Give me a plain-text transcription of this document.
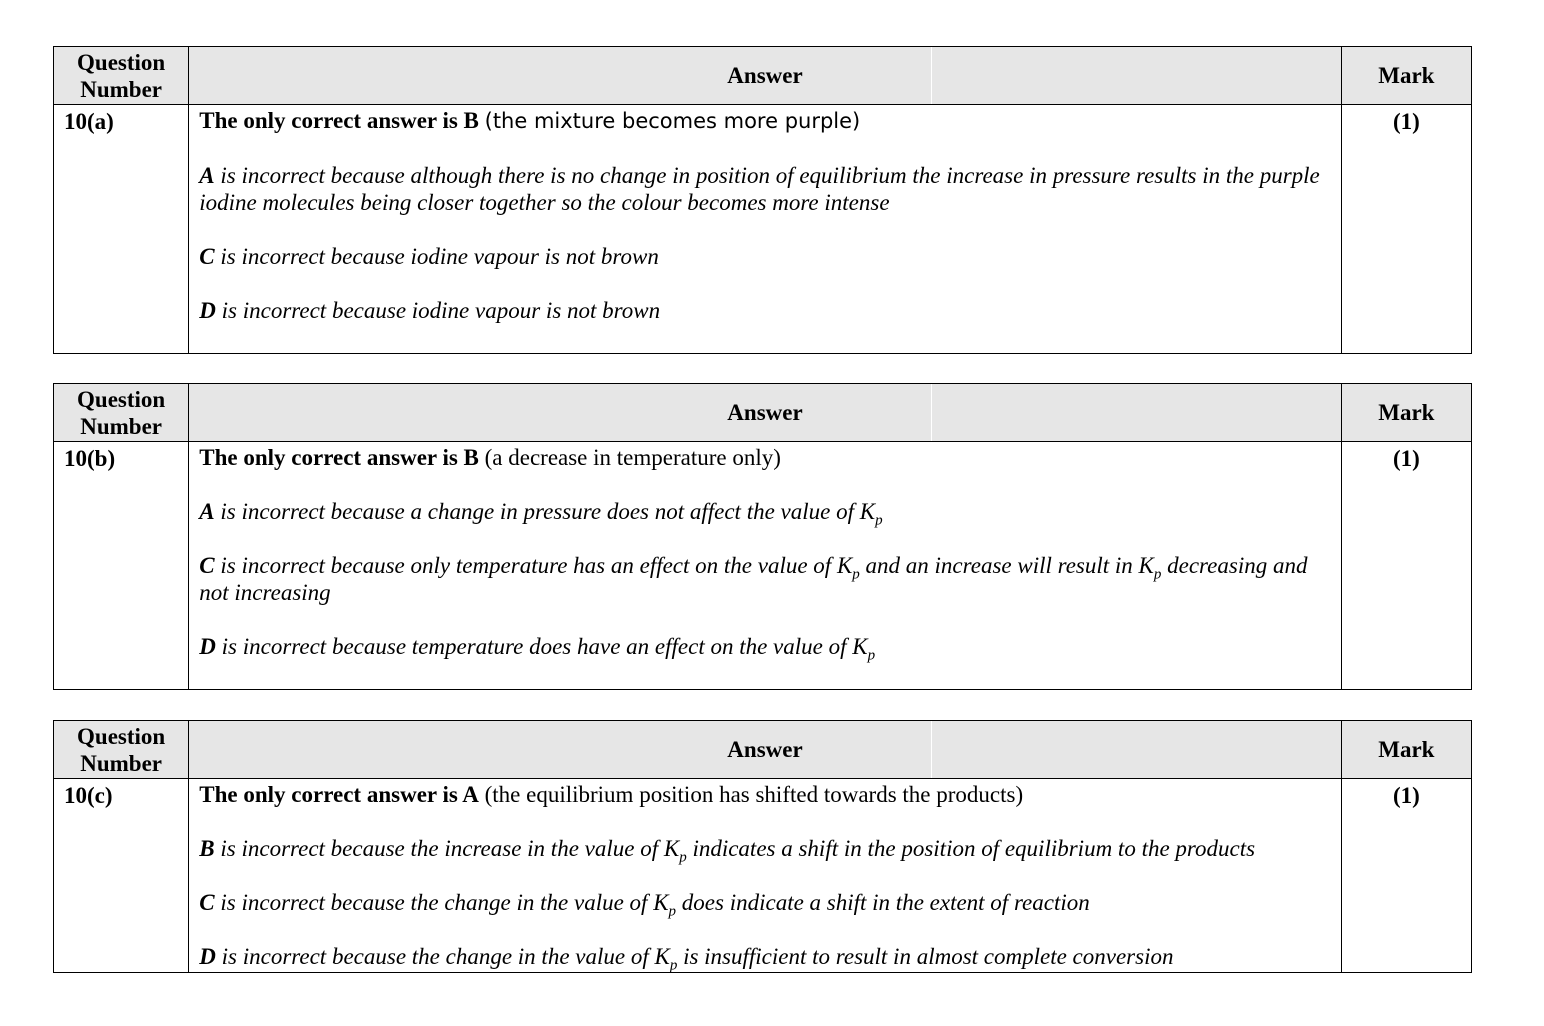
Question
Number	Answer	Mark
10(a)	The only correct answer is B (the mixture becomes more purple)

A is incorrect because although there is no change in position of equilibrium the increase in pressure results in the purple iodine molecules being closer together so the colour becomes more intense

C is incorrect because iodine vapour is not brown

D is incorrect because iodine vapour is not brown	(1)
Question
Number	Answer	Mark
10(b)	The only correct answer is B (a decrease in temperature only)

A is incorrect because a change in pressure does not affect the value of $K_p$

C is incorrect because only temperature has an effect on the value of $K_p$ and an increase will result in $K_p$ decreasing and not increasing

D is incorrect because temperature does have an effect on the value of $K_p$	(1)
Question
Number	Answer	Mark
10(c)	The only correct answer is A (the equilibrium position has shifted towards the products)

B is incorrect because the increase in the value of $K_p$ indicates a shift in the position of equilibrium to the products

C is incorrect because the change in the value of $K_p$ does indicate a shift in the extent of reaction

D is incorrect because the change in the value of $K_p$ is insufficient to result in almost complete conversion	(1)
